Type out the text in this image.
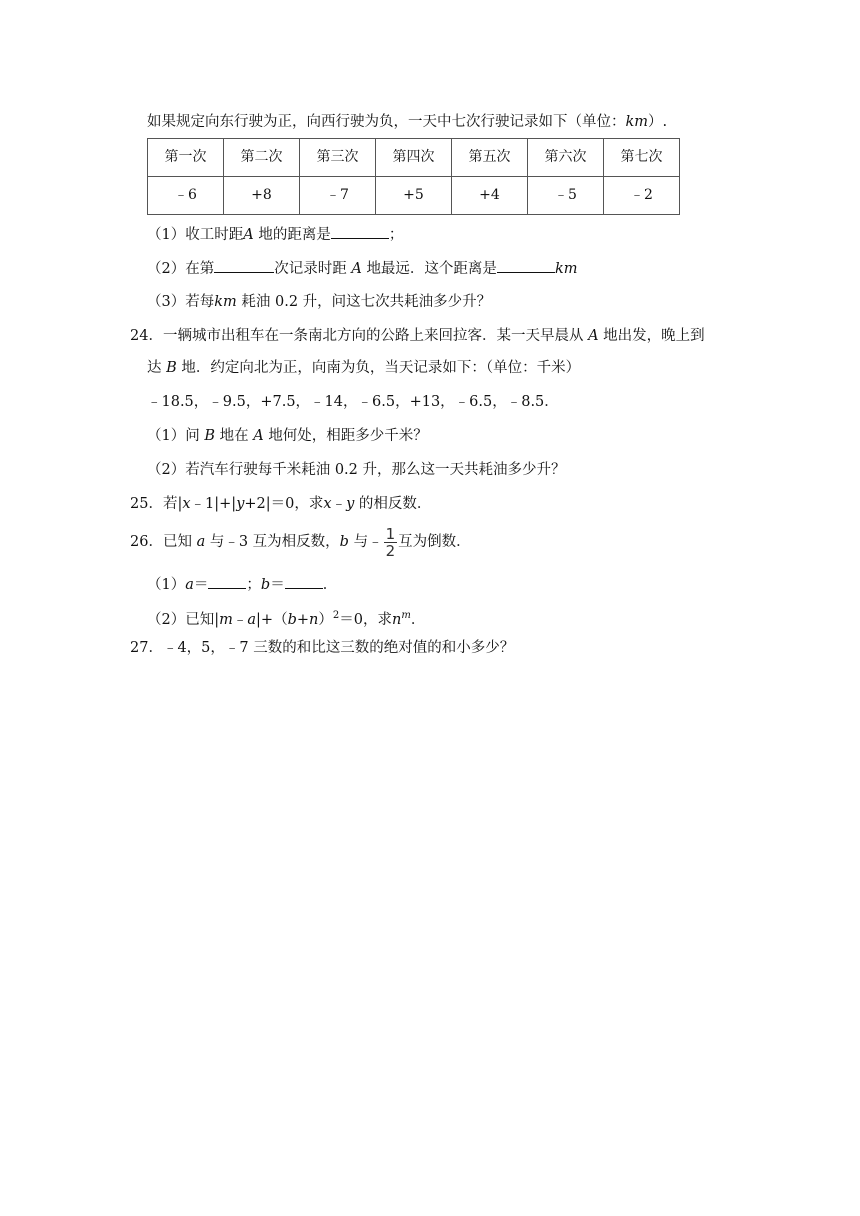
如果规定向东行驶为正，向西行驶为负，一天中七次行驶记录如下（单位：km）.
第一次	第二次	第三次	第四次	第五次	第六次	第七次
﹣6	+8	﹣7	+5	+4	﹣5	﹣2
（1）收工时距A 地的距离是	；
（2）在第	次记录时距 A 地最远．这个距离是	km
（3）若每km 耗油 0.2 升，问这七次共耗油多少升？
24．一辆城市出租车在一条南北方向的公路上来回拉客．某一天早晨从 A 地出发，晚上到
达 B 地．约定向北为正，向南为负，当天记录如下：（单位：千米）
﹣18.5，﹣9.5，+7.5，﹣14，﹣6.5，+13，﹣6.5，﹣8.5．
（1）问 B 地在 A 地何处，相距多少千米？
（2）若汽车行驶每千米耗油 0.2 升，那么这一天共耗油多少升？
25．若|x﹣1|+|y+2|＝0，求x﹣y 的相反数．
26．已知 a 与﹣3 互为相反数，b 与﹣ $\frac{1}{2}$ 互为倒数．
（1）a＝	；b＝	．
（2）已知$|m﹣a|+(b+n)^2=0$，求$n^m$．
27．﹣4，5，﹣7 三数的和比这三数的绝对值的和小多少？
